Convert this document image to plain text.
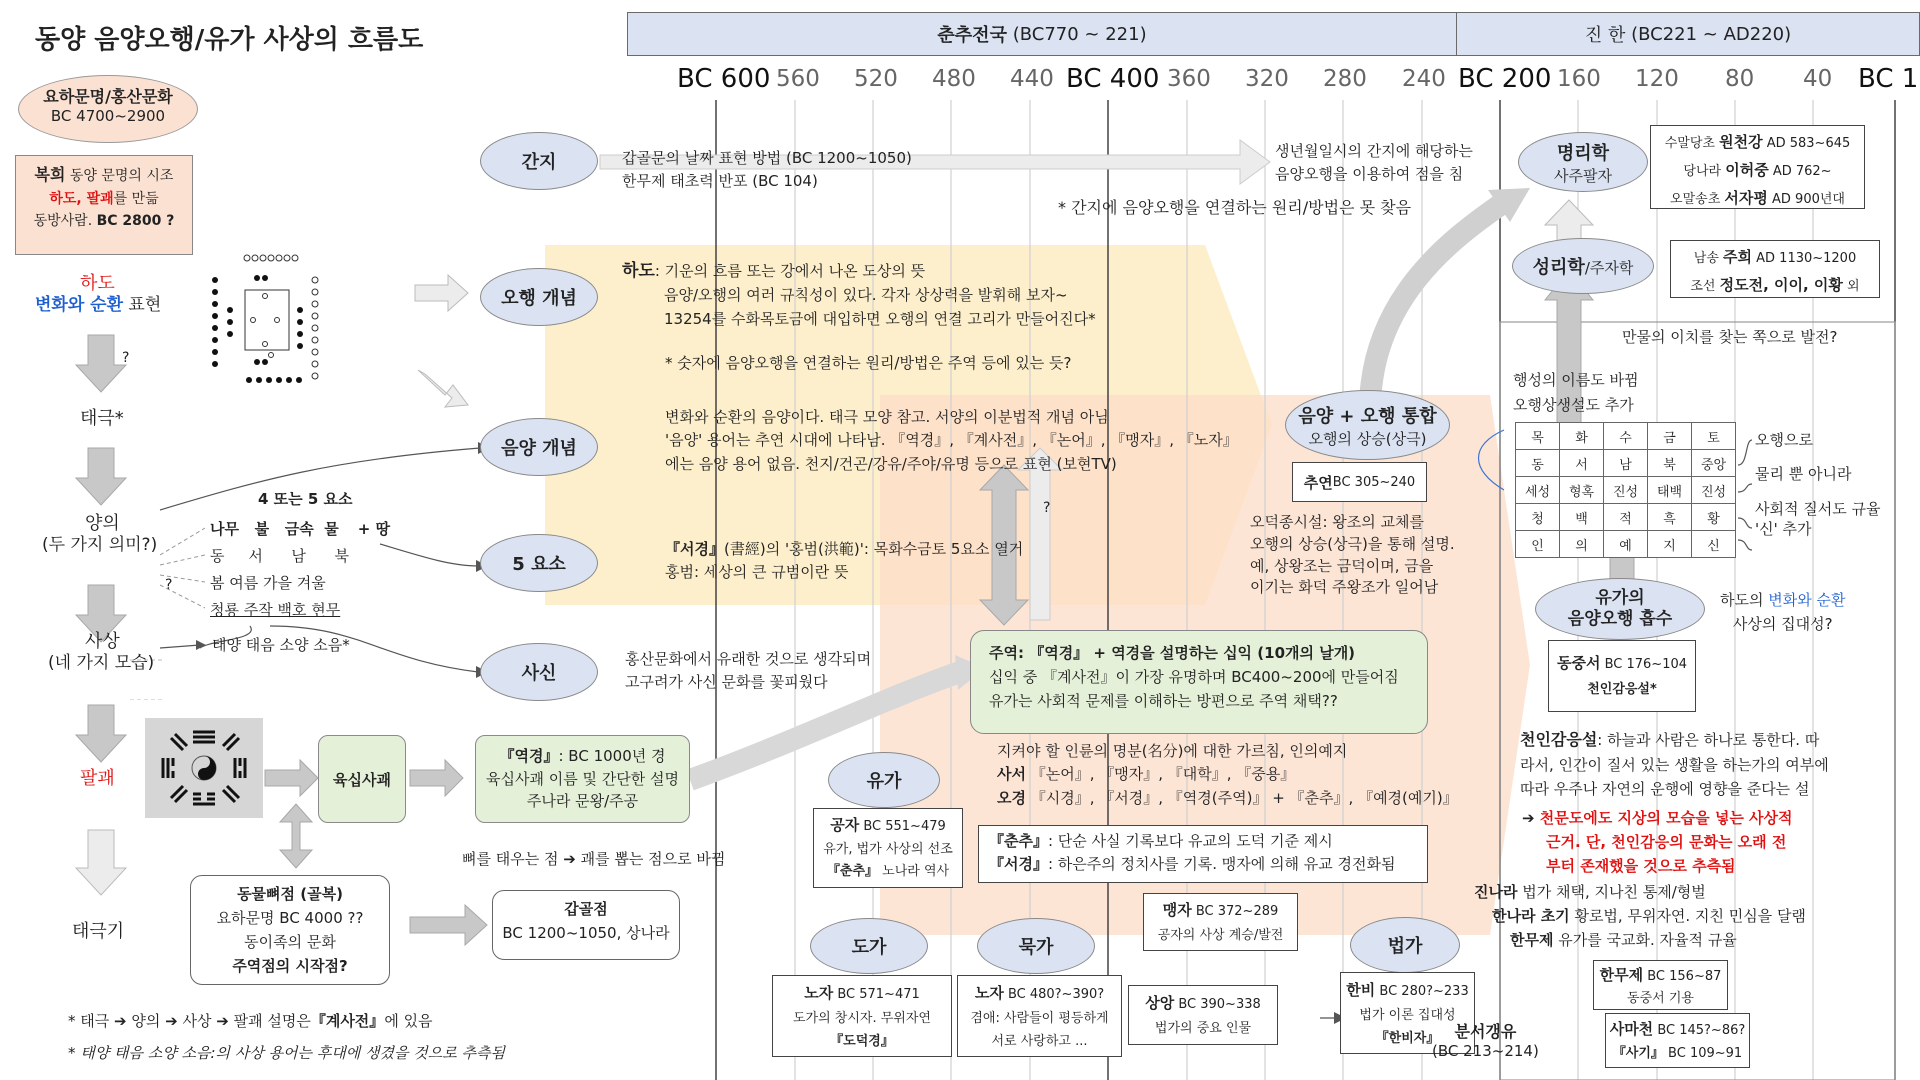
동양 음양오행/유가 사상의 흐름도	춘추전국
(BC770 ~ 221)	진 한
(BC221 ~ AD220)
BC 600 560 520 480 440 BC 400 360 320 280 240 BC 200 160 120 80 40 BC 1
요하문명/홍산문화
BC 4700~2900
복희 동양 문명의 시조
하도, 팔괘를 만듦
동방사람. BC 2800 ?
하도
변화와 순환 표현
?
태극*
양의
(두 가지 의미?)
4 또는 5 요소
나무   불   금속  물 + 땅
동     서      남      북
봄 여름 가을 겨울
청룡 주작 백호 현무
?
태양 태음 소양 소음*
사상
(네 가지 모습)
팔괘	육십사괘
『역경』: BC 1000년 경
육십사괘 이름 및 간단한 설명
주나라 문왕/주공
뼈를 태우는 점 ➔ 괘를 뽑는 점으로 바뀜
태극기
동물뼈점 (골복)
요하문명 BC 4000 ??
동이족의 문화
주역점의 시작점?
갑골점
BC 1200~1050, 상나라
* 태극 ➔ 양의 ➔ 사상 ➔ 팔괘 설명은『계사전』에 있음
* 태양 태음 소양 소음:의 사상 용어는 후대에 생겼을 것으로 추측됨
간지
오행 개념
음양 개념
5 요소
사신
갑골문의 날짜 표현 방법 (BC 1200~1050)
한무제 태초력 반포 (BC 104)
생년월일시의 간지에 해당하는
음양오행을 이용하여 점을 침
* 간지에 음양오행을 연결하는 원리/방법은 못 찾음
하도: 기운의 흐름 또는 강에서 나온 도상의 뜻
음양/오행의 여러 규칙성이 있다. 각자 상상력을 발휘해 보자~
13254를 수화목토금에 대입하면 오행의 연결 고리가 만들어진다*
* 숫자에 음양오행을 연결하는 원리/방법은 주역 등에 있는 듯?
변화와 순환의 음양이다. 태극 모양 참고. 서양의 이분법적 개념 아님
'음양' 용어는 추연 시대에 나타남. 『역경』, 『계사전』, 『논어』, 『맹자』, 『노자』
에는 음양 용어 없음. 천지/건곤/강유/주야/유명 등으로 표현 (보현TV)
『서경』(書經)의 '홍범(洪範)': 목화수금토 5요소 열거
홍범: 세상의 큰 규범이란 뜻
?
홍산문화에서 유래한 것으로 생각되며
고구려가 사신 문화를 꽃피웠다
주역: 『역경』 + 역경을 설명하는 십익 (10개의 날개)
십익 중 『계사전』이 가장 유명하며 BC400~200에 만들어짐
유가는 사회적 문제를 이해하는 방편으로 주역 채택??
지켜야 할 인륜의 명분(名分)에 대한 가르침, 인의예지
사서 『논어』, 『맹자』, 『대학』, 『중용』
오경 『시경』, 『서경』, 『역경(주역)』 + 『춘추』, 『예경(예기)』
『춘추』: 단순 사실 기록보다 유교의 도덕 기준 제시
『서경』: 하은주의 정치사를 기록. 맹자에 의해 유교 경전화됨
유가
공자 BC 551~479
유가, 법가 사상의 선조
『춘추』 노나라 역사
도가
노자 BC 571~471
도가의 창시자. 무위자연
『도덕경』
묵가
노자 BC 480?~390?
겸애: 사람들이 평등하게
서로 사랑하고 ...
맹자 BC 372~289
공자의 사상 계승/발전
상앙 BC 390~338
법가의 중요 인물
법가
한비 BC 280?~233
법가 이론 집대성
『한비자』 분서갱유
(BC 213~214)
음양 + 오행 통합
오행의 상승(상극)
추연 BC 305~240
오덕종시설: 왕조의 교체를
오행의 상승(상극)을 통해 설명.
예, 상왕조는 금덕이며, 금을
이기는 화덕 주왕조가 일어남
명리학
사주팔자
수말당초 원천강 AD 583~645
당나라 이허중 AD 762~
오말송초 서자평 AD 900년대
성리학/주자학
남송 주희 AD 1130~1200
조선 정도전, 이이, 이황 외
만물의 이치를 찾는 쪽으로 발전?
행성의 이름도 바뀜
오행상생설도 추가
목	화	수	금	토
동	서	남	북	중앙
세성	형혹	진성	태백	진성
청	백	적	흑	황
인	의	예	지	신
오행으로
물리 뿐 아니라
사회적 질서도 규율
'신' 추가
유가의
음양오행 흡수
하도의 변화와 순환
사상의 집대성?
동중서 BC 176~104
천인감응설*
천인감응설: 하늘과 사람은 하나로 통한다. 따
라서, 인간이 질서 있는 생활을 하는가의 여부에
따라 우주나 자연의 운행에 영향을 준다는 설
➔ 천문도에도 지상의 모습을 넣는 사상적
근거. 단, 천인감응의 문화는 오래 전
부터 존재했을 것으로 추측됨
진나라 법가 채택, 지나친 통제/형벌
한나라 초기 황로법, 무위자연. 지친 민심을 달램
한무제 유가를 국교화. 자율적 규율
한무제 BC 156~87
동중서 기용
사마천 BC 145?~86?
『사기』 BC 109~91
